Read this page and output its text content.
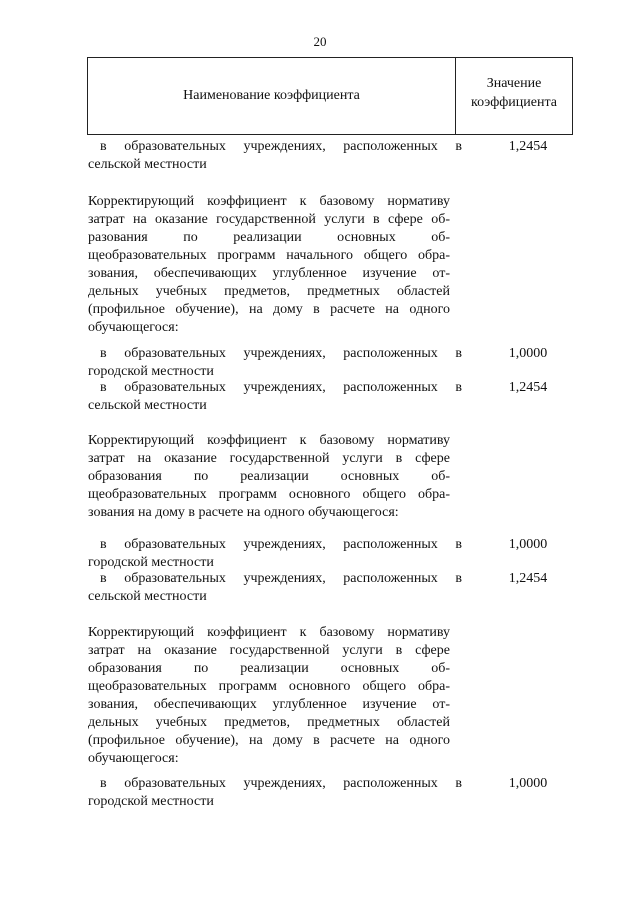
20
Наименование коэффициента
Значение
коэффициента
в образовательных учреждениях, расположенных в
сельской местности
1,2454
Корректирующий коэффициент к базовому нормативу
затрат на оказание государственной услуги в сфере об-
разования по реализации основных об-
щеобразовательных программ начального общего обра-
зования, обеспечивающих углубленное изучение от-
дельных учебных предметов, предметных областей
(профильное обучение), на дому в расчете на одного
обучающегося:
в образовательных учреждениях, расположенных в
городской местности
1,0000
в образовательных учреждениях, расположенных в
сельской местности
1,2454
Корректирующий коэффициент к базовому нормативу
затрат на оказание государственной услуги в сфере
образования по реализации основных об-
щеобразовательных программ основного общего обра-
зования на дому в расчете на одного обучающегося:
в образовательных учреждениях, расположенных в
городской местности
1,0000
в образовательных учреждениях, расположенных в
сельской местности
1,2454
Корректирующий коэффициент к базовому нормативу
затрат на оказание государственной услуги в сфере
образования по реализации основных об-
щеобразовательных программ основного общего обра-
зования, обеспечивающих углубленное изучение от-
дельных учебных предметов, предметных областей
(профильное обучение), на дому в расчете на одного
обучающегося:
в образовательных учреждениях, расположенных в
городской местности
1,0000
